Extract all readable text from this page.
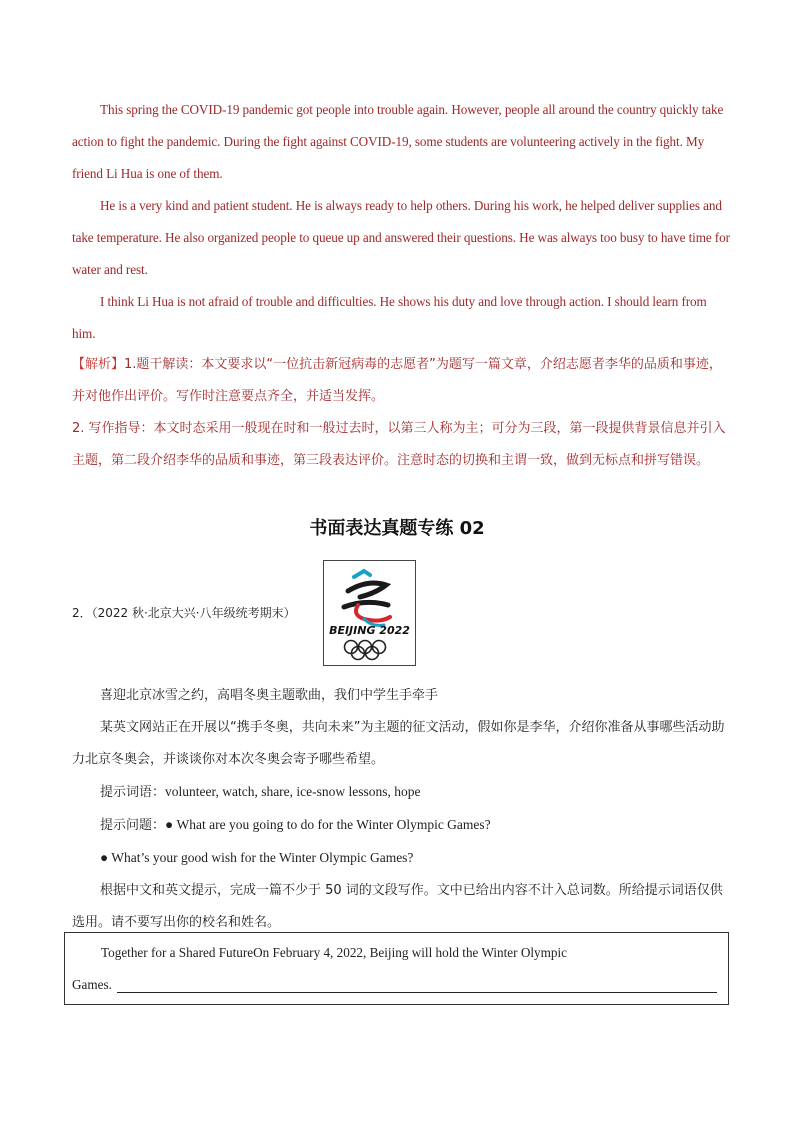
This spring the COVID-19 pandemic got people into trouble again. However, people all around the country quickly take action to fight the pandemic. During the fight against COVID-19, some students are volunteering actively in the fight. My friend Li Hua is one of them.

He is a very kind and patient student. He is always ready to help others. During his work, he helped deliver supplies and take temperature. He also organized people to queue up and answered their questions. He was always too busy to have time for water and rest.

I think Li Hua is not afraid of trouble and difficulties. He shows his duty and love through action. I should learn from him.

【解析】1.题干解读：本文要求以“一位抗击新冠病毒的志愿者”为题写一篇文章，介绍志愿者李华的品质和事迹，并对他作出评价。写作时注意要点齐全，并适当发挥。

2. 写作指导：本文时态采用一般现在时和一般过去时，以第三人称为主；可分为三段，第一段提供背景信息并引入主题，第二段介绍李华的品质和事迹，第三段表达评价。注意时态的切换和主谓一致，做到无标点和拼写错误。

书面表达真题专练 02
2．（2022 秋·北京大兴·八年级统考期末）
BEIJING 2022

喜迎北京冰雪之约，高唱冬奥主题歌曲，我们中学生手牵手

某英文网站正在开展以“携手冬奥，共向未来”为主题的征文活动，假如你是李华，介绍你准备从事哪些活动助力北京冬奥会，并谈谈你对本次冬奥会寄予哪些希望。

提示词语：volunteer, watch, share, ice-snow lessons, hope

提示问题：● What are you going to do for the Winter Olympic Games?

● What’s your good wish for the Winter Olympic Games?

根据中文和英文提示，完成一篇不少于 50 词的文段写作。文中已给出内容不计入总词数。所给提示词语仅供选用。请不要写出你的校名和姓名。

Together for a Shared FutureOn February 4, 2022, Beijing will hold the Winter Olympic
Games.
